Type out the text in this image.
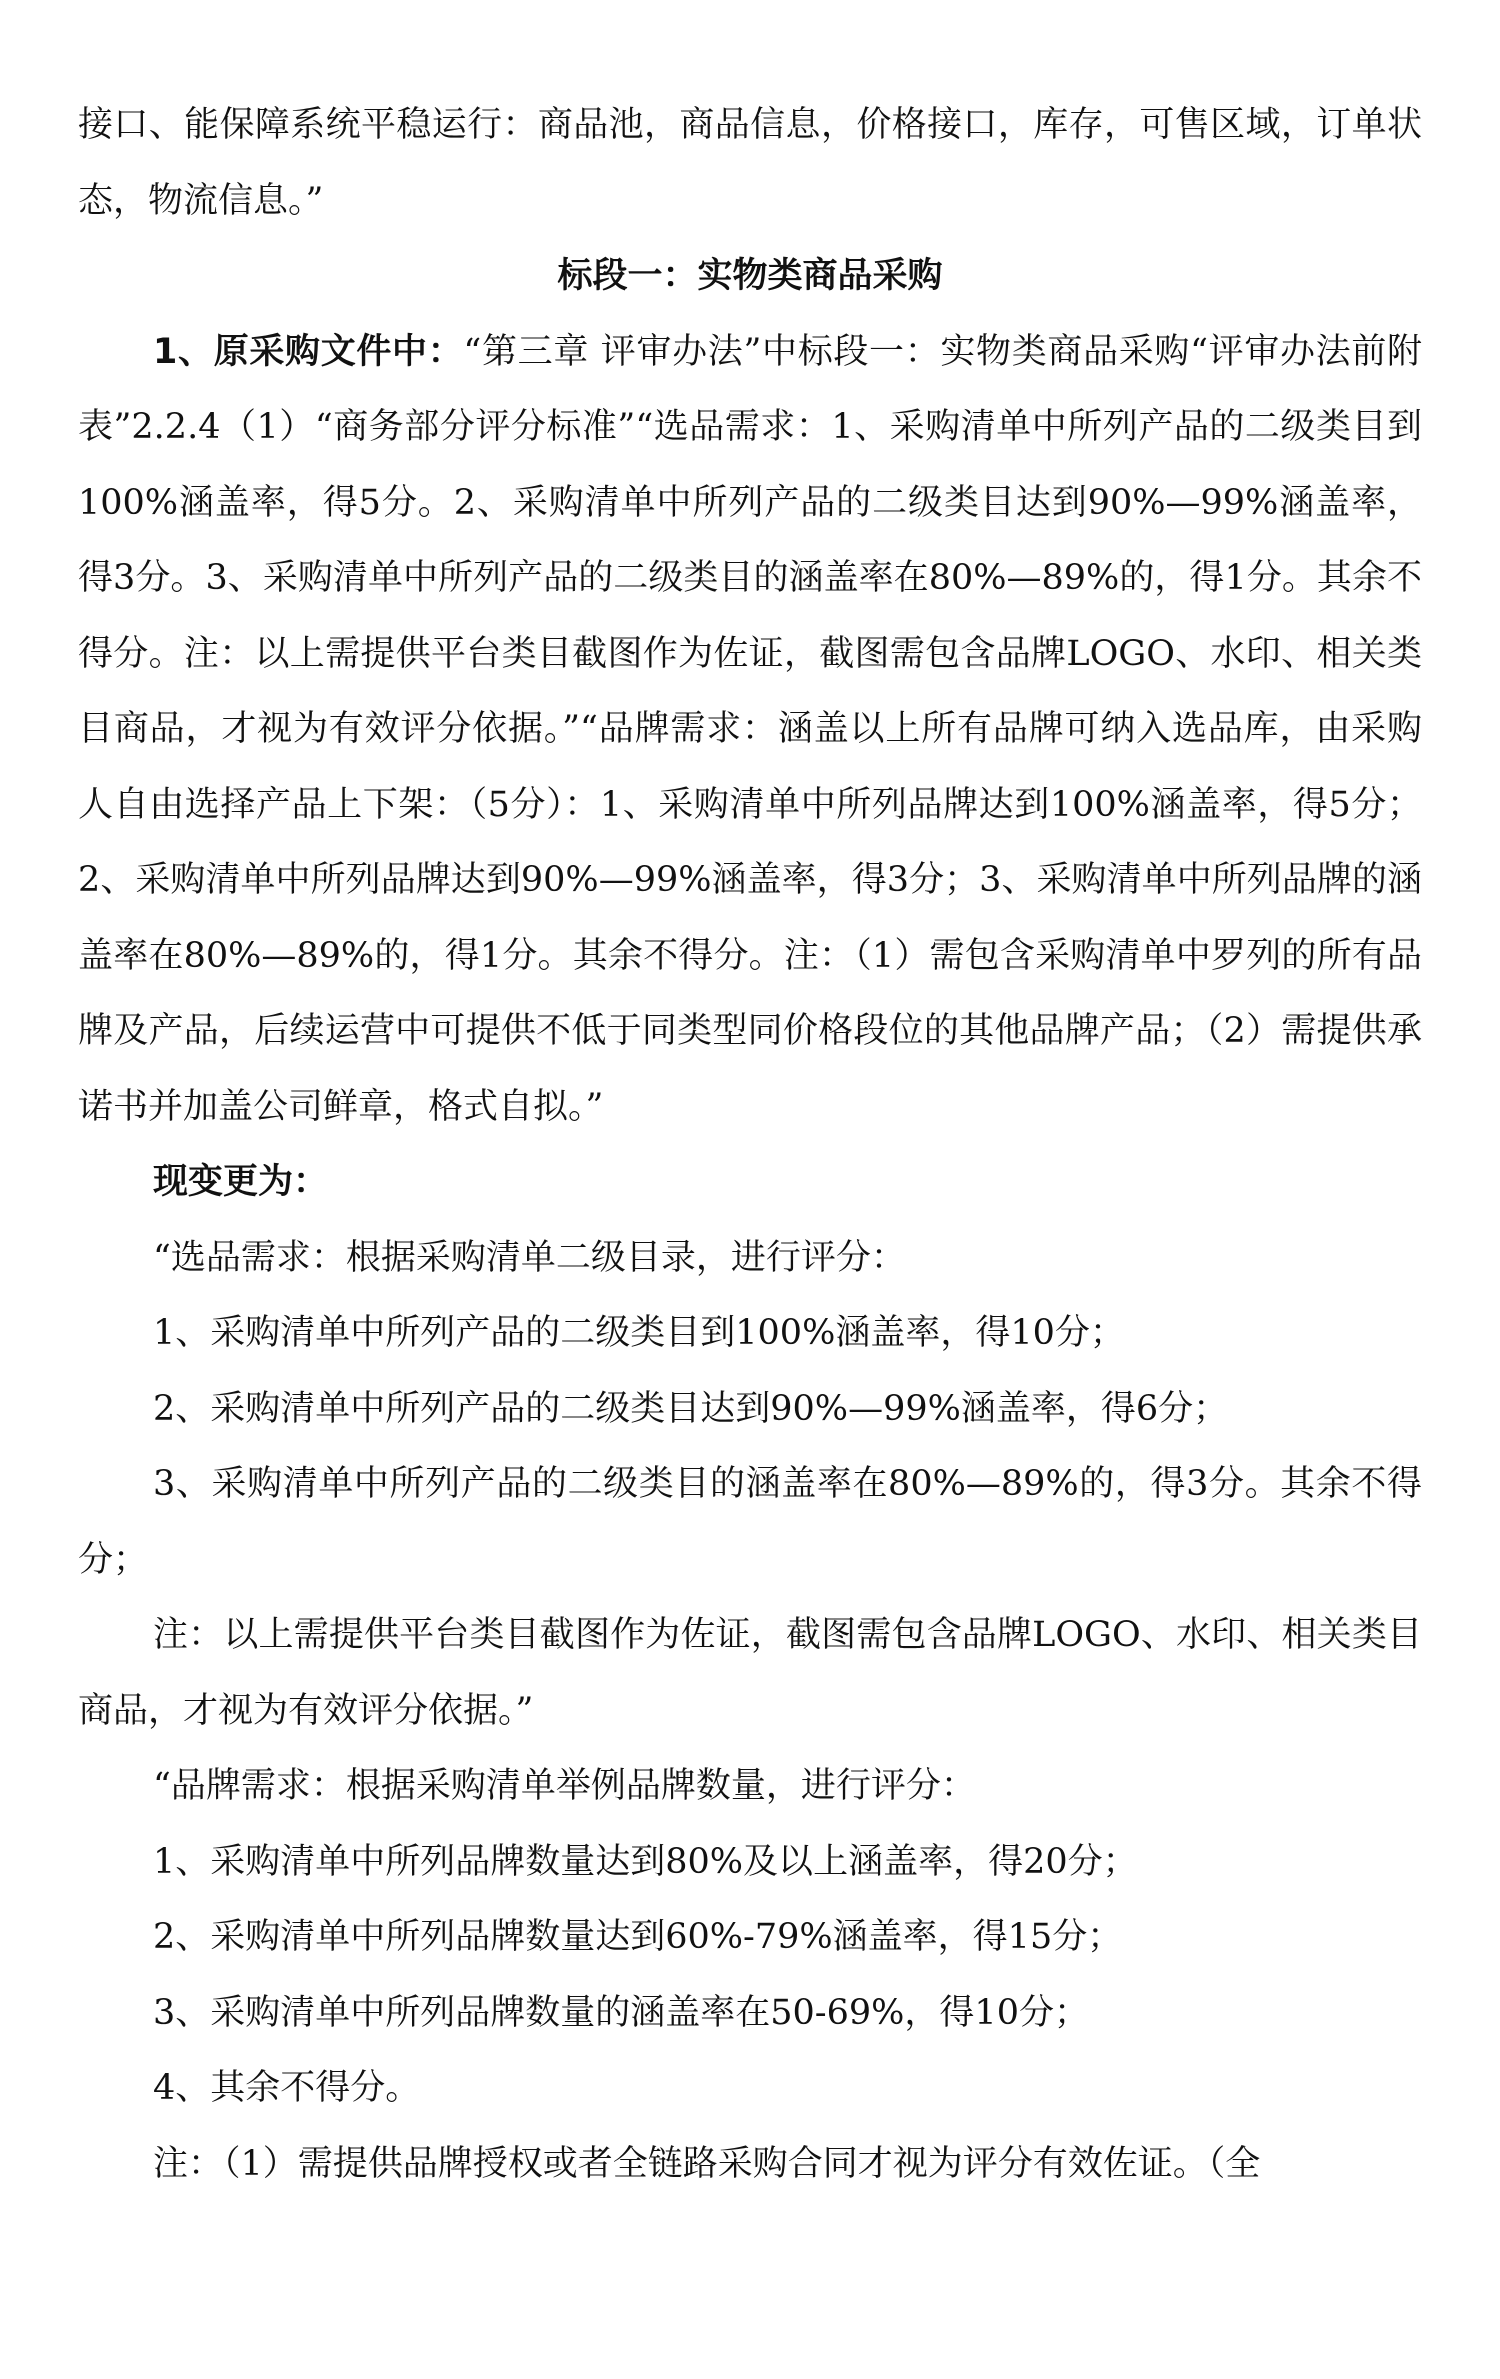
接口、能保障系统平稳运行：商品池，商品信息，价格接口，库存，可售区域，订单状态，物流信息。”

标段一：实物类商品采购

1、原采购文件中：“第三章 评审办法”中标段一：实物类商品采购“评审办法前附表”2.2.4（1）“商务部分评分标准”“选品需求：1、采购清单中所列产品的二级类目到100%涵盖率，得5分。2、采购清单中所列产品的二级类目达到90%—99%涵盖率，得3分。3、采购清单中所列产品的二级类目的涵盖率在80%—89%的，得1分。其余不得分。注：以上需提供平台类目截图作为佐证，截图需包含品牌LOGO、水印、相关类目商品，才视为有效评分依据。”“品牌需求：涵盖以上所有品牌可纳入选品库，由采购人自由选择产品上下架：（5分）：1、采购清单中所列品牌达到100%涵盖率，得5分；2、采购清单中所列品牌达到90%—99%涵盖率，得3分；3、采购清单中所列品牌的涵盖率在80%—89%的，得1分。其余不得分。注：（1）需包含采购清单中罗列的所有品牌及产品，后续运营中可提供不低于同类型同价格段位的其他品牌产品；（2）需提供承诺书并加盖公司鲜章，格式自拟。”

现变更为：

“选品需求：根据采购清单二级目录，进行评分：

1、采购清单中所列产品的二级类目到100%涵盖率，得10分；

2、采购清单中所列产品的二级类目达到90%—99%涵盖率，得6分；

3、采购清单中所列产品的二级类目的涵盖率在80%—89%的，得3分。其余不得分；

注：以上需提供平台类目截图作为佐证，截图需包含品牌LOGO、水印、相关类目商品，才视为有效评分依据。”

“品牌需求：根据采购清单举例品牌数量，进行评分：

1、采购清单中所列品牌数量达到80%及以上涵盖率，得20分；

2、采购清单中所列品牌数量达到60%-79%涵盖率，得15分；

3、采购清单中所列品牌数量的涵盖率在50-69%，得10分；

4、其余不得分。

注：（1）需提供品牌授权或者全链路采购合同才视为评分有效佐证。（全
